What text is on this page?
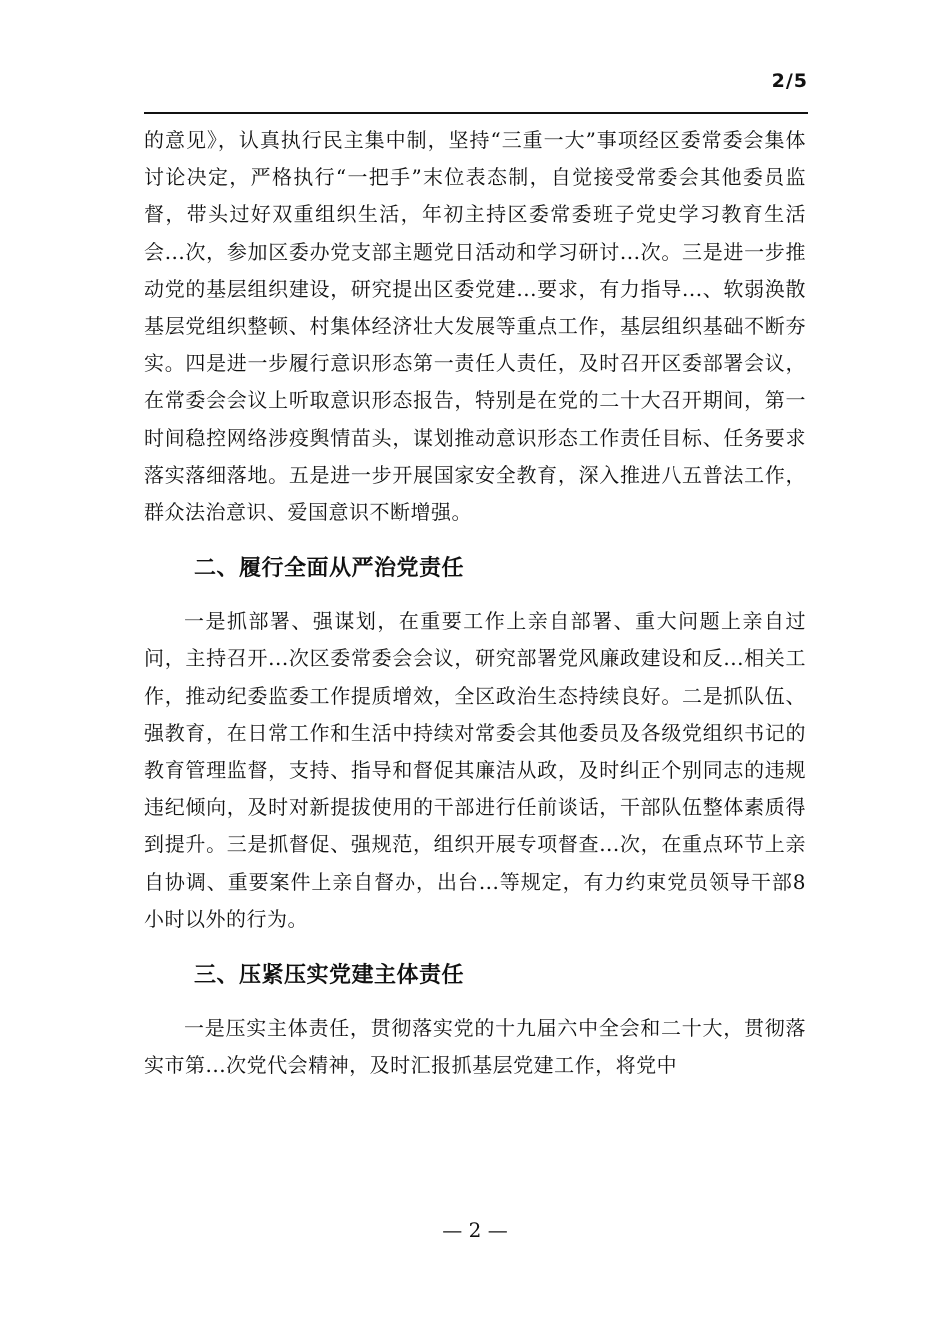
2/5

的意见》，认真执行民主集中制，坚持“三重一大”事项经区委常委会集体讨论决定，严格执行“一把手”末位表态制，自觉接受常委会其他委员监督，带头过好双重组织生活，年初主持区委常委班子党史学习教育生活会...次，参加区委办党支部主题党日活动和学习研讨...次。三是进一步推动党的基层组织建设，研究提出区委党建...要求，有力指导...、软弱涣散基层党组织整顿、村集体经济壮大发展等重点工作，基层组织基础不断夯实。四是进一步履行意识形态第一责任人责任，及时召开区委部署会议，在常委会会议上听取意识形态报告，特别是在党的二十大召开期间，第一时间稳控网络涉疫舆情苗头，谋划推动意识形态工作责任目标、任务要求落实落细落地。五是进一步开展国家安全教育，深入推进八五普法工作，群众法治意识、爱国意识不断增强。

二、履行全面从严治党责任

一是抓部署、强谋划，在重要工作上亲自部署、重大问题上亲自过问，主持召开...次区委常委会会议，研究部署党风廉政建设和反...相关工作，推动纪委监委工作提质增效，全区政治生态持续良好。二是抓队伍、强教育，在日常工作和生活中持续对常委会其他委员及各级党组织书记的教育管理监督，支持、指导和督促其廉洁从政，及时纠正个别同志的违规违纪倾向，及时对新提拔使用的干部进行任前谈话，干部队伍整体素质得到提升。三是抓督促、强规范，组织开展专项督查...次，在重点环节上亲自协调、重要案件上亲自督办，出台...等规定，有力约束党员领导干部8小时以外的行为。

三、压紧压实党建主体责任

一是压实主体责任，贯彻落实党的十九届六中全会和二十大，贯彻落实市第...次党代会精神，及时汇报抓基层党建工作，将党中

— 2 —
